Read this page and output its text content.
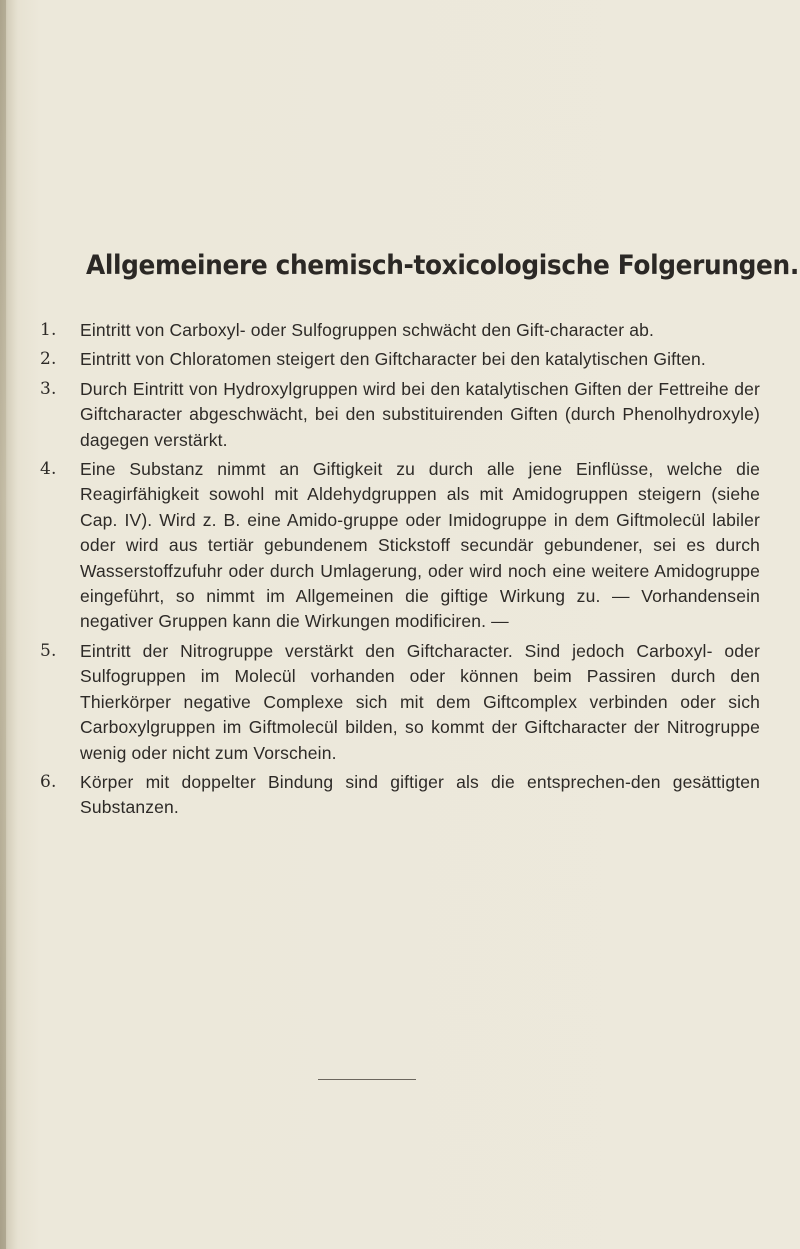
Allgemeinere chemisch-toxicologische Folgerungen.
1.	Eintritt von Carboxyl- oder Sulfogruppen schwächt den Gift-character ab.
2.	Eintritt von Chloratomen steigert den Giftcharacter bei den katalytischen Giften.
3.	Durch Eintritt von Hydroxylgruppen wird bei den katalytischen Giften der Fettreihe der Giftcharacter abgeschwächt, bei den substituirenden Giften (durch Phenolhydroxyle) dagegen verstärkt.
4.	Eine Substanz nimmt an Giftigkeit zu durch alle jene Einflüsse, welche die Reagirfähigkeit sowohl mit Aldehydgruppen als mit Amidogruppen steigern (siehe Cap. IV). Wird z. B. eine Amido-gruppe oder Imidogruppe in dem Giftmolecül labiler oder wird aus tertiär gebundenem Stickstoff secundär gebundener, sei es durch Wasserstoffzufuhr oder durch Umlagerung, oder wird noch eine weitere Amidogruppe eingeführt, so nimmt im Allgemeinen die giftige Wirkung zu. — Vorhandensein negativer Gruppen kann die Wirkungen modificiren. —
5.	Eintritt der Nitrogruppe verstärkt den Giftcharacter. Sind jedoch Carboxyl- oder Sulfogruppen im Molecül vorhanden oder können beim Passiren durch den Thierkörper negative Complexe sich mit dem Giftcomplex verbinden oder sich Carboxylgruppen im Giftmolecül bilden, so kommt der Giftcharacter der Nitrogruppe wenig oder nicht zum Vorschein.
6.	Körper mit doppelter Bindung sind giftiger als die entsprechen-den gesättigten Substanzen.
